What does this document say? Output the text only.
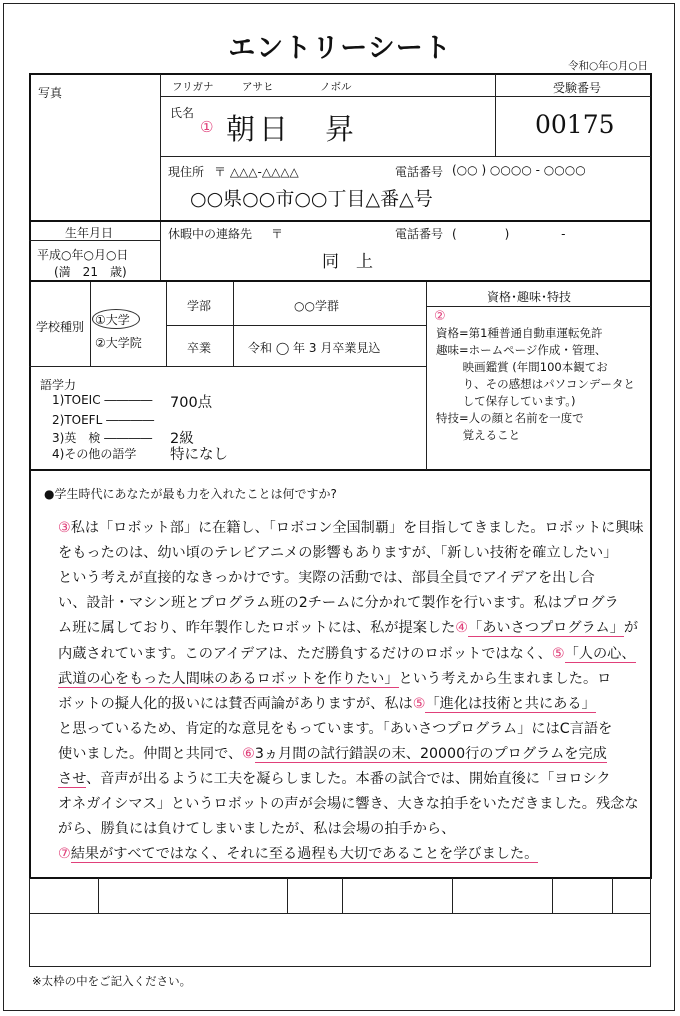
エントリーシート
令和○年○月○日
写真	フリガナ	アサヒ	ノボル
氏名
① 朝日　昇
受験番号
00175
現住所 〒 △△△-△△△△	電話番号 (○○ ) ○○○○ - ○○○○
○○県○○市○○丁目△番△号
生年月日
平成○年○月○日
(満　21　歳)
休暇中の連絡先 〒	電話番号 (　　　　)　　　　 -
同　上
学校種別 ①大学
②大学院
学部	○○学群
卒業	令和 ◯ 年 3 月卒業見込
資格･趣味･特技
②
資格=第1種普通自動車運転免許
趣味=ホームページ作成・管理、
　　 映画鑑賞 (年間100本観てお
　　 り、その感想はパソコンデータと
　　 して保存しています。)
特技=人の顔と名前を一度で
　　 覚えること
語学力
1)TOEIC ―――― 700点
2)TOEFL ――――
3)英　検 ―――― 2級
4)その他の語学 特になし
●学生時代にあなたが最も力を入れたことは何ですか?
③私は「ロボット部」に在籍し、「ロボコン全国制覇」を目指してきました。ロボットに興味
をもったのは、幼い頃のテレビアニメの影響もありますが、「新しい技術を確立したい」
という考えが直接的なきっかけです。実際の活動では、部員全員でアイデアを出し合
い、設計・マシン班とプログラム班の2チームに分かれて製作を行います。私はプログラ
ム班に属しており、昨年製作したロボットには、私が提案した④「あいさつプログラム」が
内蔵されています。このアイデアは、ただ勝負するだけのロボットではなく、⑤「人の心、
武道の心をもった人間味のあるロボットを作りたい」という考えから生まれました。ロ
ボットの擬人化的扱いには賛否両論がありますが、私は⑤「進化は技術と共にある」
と思っているため、肯定的な意見をもっています。「あいさつプログラム」にはC言語を
使いました。仲間と共同で、⑥3ヵ月間の試行錯誤の末、20000行のプログラムを完成
させ、音声が出るように工夫を凝らしました。本番の試合では、開始直後に「ヨロシク
オネガイシマス」というロボットの声が会場に響き、大きな拍手をいただきました。残念な
がら、勝負には負けてしまいましたが、私は会場の拍手から、
⑦結果がすべてではなく、それに至る過程も大切であることを学びました。
※太枠の中をご記入ください。
